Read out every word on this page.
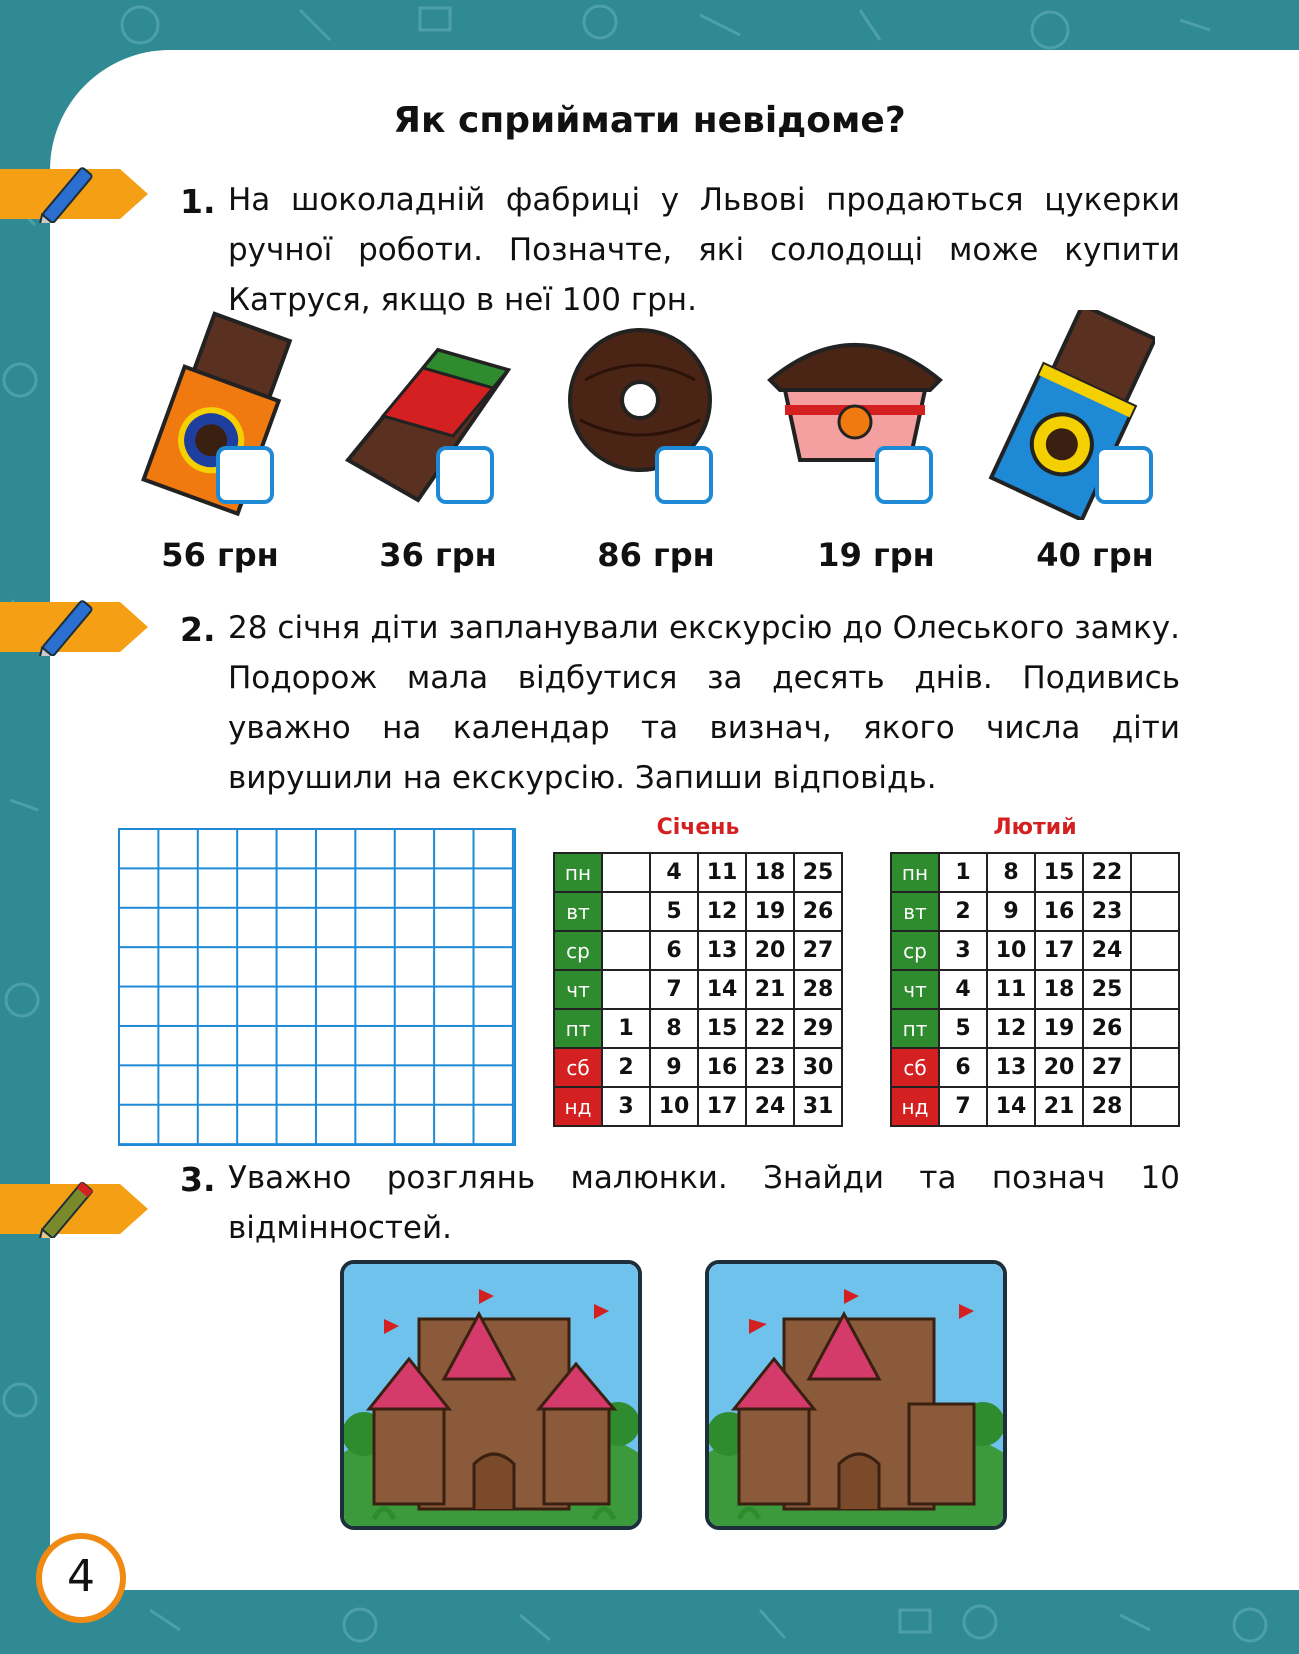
Як сприймати невідоме?
1. На шоколадній фабриці у Львові продаються цукерки ручної роботи. Позначте, які солодощі може купити Катруся, якщо в неї 100 грн.
56 грн	36 грн	86 грн	19 грн	40 грн
2. 28 січня діти запланували екскурсію до Олеського замку. Подорож мала відбутися за десять днів. Подивись уважно на календар та визнач, якого числа діти вирушили на екскурсію. Запиши відповідь.
Січень
пн		4	11	18	25
вт		5	12	19	26
ср		6	13	20	27
чт		7	14	21	28
пт	1	8	15	22	29
сб	2	9	16	23	30
нд	3	10	17	24	31
Лютий
пн	1	8	15	22	
вт	2	9	16	23	
ср	3	10	17	24	
чт	4	11	18	25	
пт	5	12	19	26	
сб	6	13	20	27	
нд	7	14	21	28	
3. Уважно розглянь малюнки. Знайди та познач 10 відмінностей.
4
